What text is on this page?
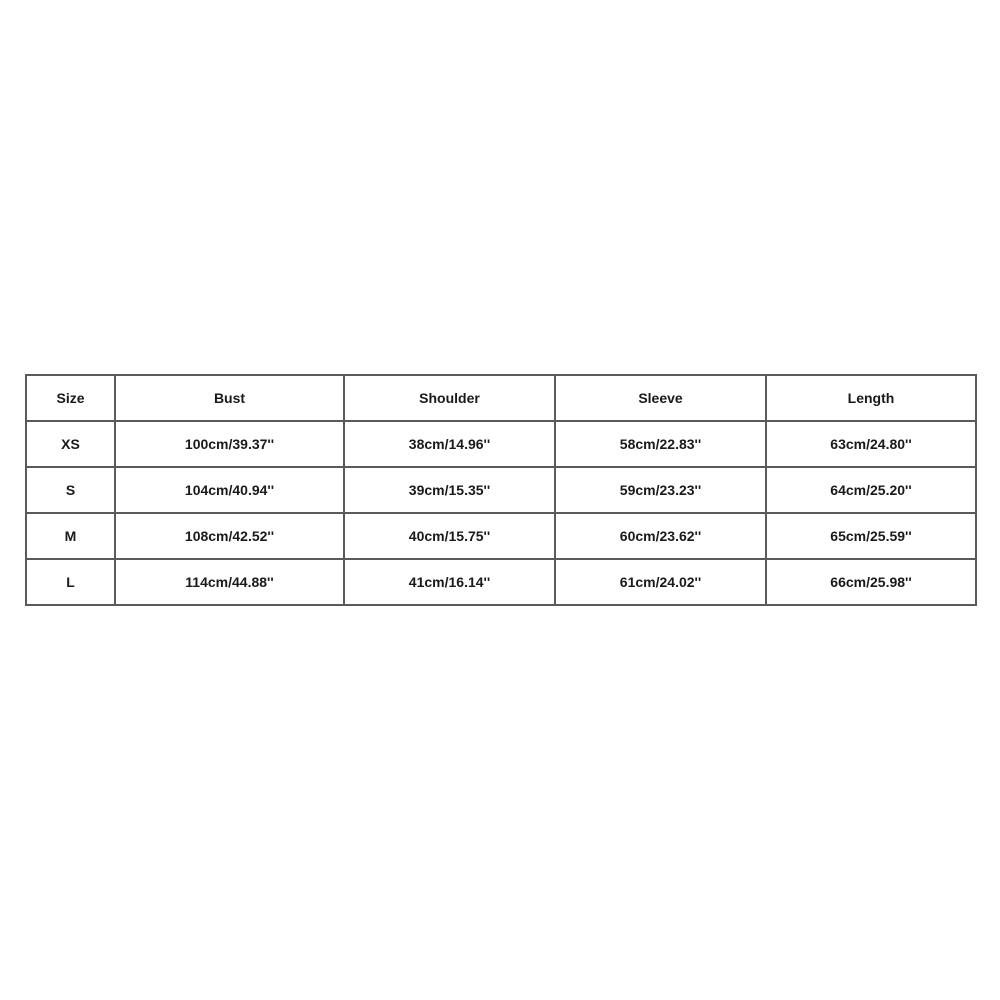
Size	Bust	Shoulder	Sleeve	Length
XS	100cm/39.37''	38cm/14.96''	58cm/22.83''	63cm/24.80''
S	104cm/40.94''	39cm/15.35''	59cm/23.23''	64cm/25.20''
M	108cm/42.52''	40cm/15.75''	60cm/23.62''	65cm/25.59''
L	114cm/44.88''	41cm/16.14''	61cm/24.02''	66cm/25.98''
